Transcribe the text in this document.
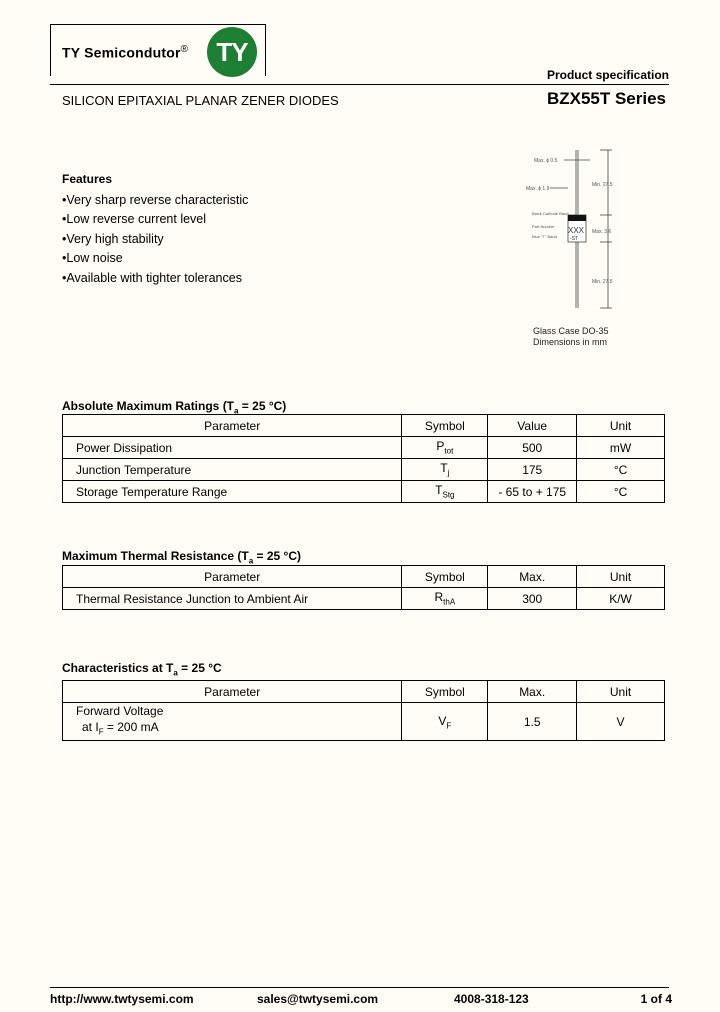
TY Semicondutor®	TY
Product specification
SILICON EPITAXIAL PLANAR ZENER DIODES	BZX55T Series
Features
• Very sharp reverse characteristic
• Low reverse current level
• Very high stability
• Low noise
• Available with tighter tolerances
Max. ϕ 0.5
Max. ϕ 1.9
Min. 27.5
Max. 3.6
Min. 27.5
Black Cathode Band
Part Number
Blue "T" Band
XXX
-ST
Glass Case DO-35
Dimensions in mm
Absolute Maximum Ratings ($T_a = 25$ °C)
Parameter	Symbol	Value	Unit
Power Dissipation	$P_{tot}$	500	mW
Junction Temperature	$T_j$	175	°C
Storage Temperature Range	$T_{Stg}$	- 65 to + 175	°C
Maximum Thermal Resistance ($T_a = 25$ °C)
Parameter	Symbol	Max.	Unit
Thermal Resistance Junction to Ambient Air	$R_{thA}$	300	K/W
Characteristics at $T_a = 25$ °C
Parameter	Symbol	Max.	Unit

Forward Voltage
at $I_F = 200$ mA	$V_F$	1.5	V
http://www.twtysemi.com	sales@twtysemi.com	4008-318-123	1 of 4
